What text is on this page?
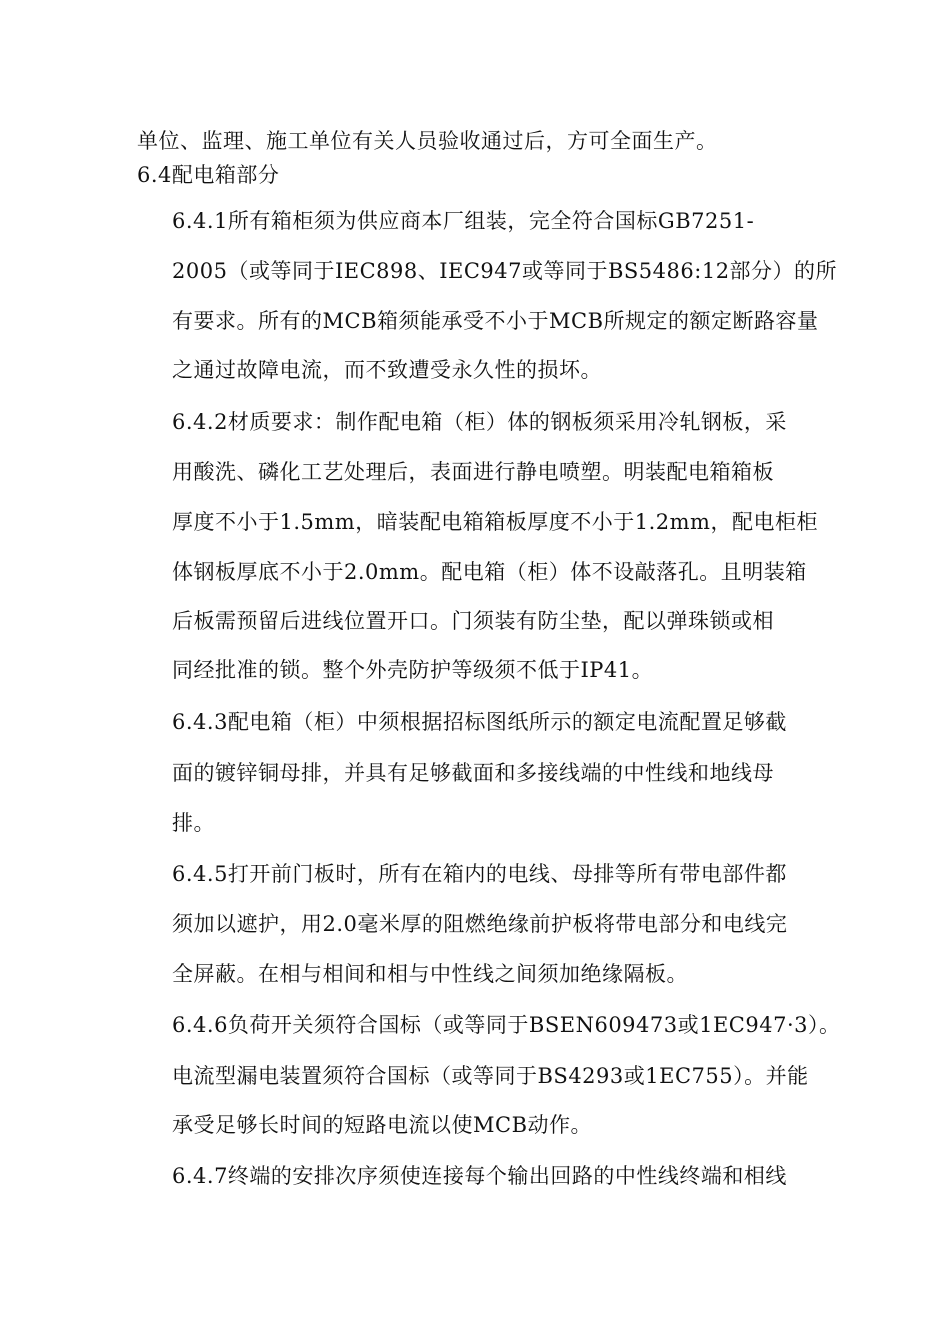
单位、监理、施工单位有关人员验收通过后，方可全面生产。
6.4配电箱部分
6.4.1所有箱柜须为供应商本厂组装，完全符合国标GB7251-
2005（或等同于IEC898、IEC947或等同于BS5486:12部分）的所
有要求。所有的MCB箱须能承受不小于MCB所规定的额定断路容量
之通过故障电流，而不致遭受永久性的损坏。
6.4.2材质要求：制作配电箱（柜）体的钢板须采用冷轧钢板，采
用酸洗、磷化工艺处理后，表面进行静电喷塑。明装配电箱箱板
厚度不小于1.5mm，暗装配电箱箱板厚度不小于1.2mm，配电柜柜
体钢板厚底不小于2.0mm。配电箱（柜）体不设敲落孔。且明装箱
后板需预留后进线位置开口。门须装有防尘垫，配以弹珠锁或相
同经批准的锁。整个外壳防护等级须不低于IP41。
6.4.3配电箱（柜）中须根据招标图纸所示的额定电流配置足够截
面的镀锌铜母排，并具有足够截面和多接线端的中性线和地线母
排。
6.4.5打开前门板时，所有在箱内的电线、母排等所有带电部件都
须加以遮护，用2.0毫米厚的阻燃绝缘前护板将带电部分和电线完
全屏蔽。在相与相间和相与中性线之间须加绝缘隔板。
6.4.6负荷开关须符合国标（或等同于BSEN609473或1EC947·3）。
电流型漏电装置须符合国标（或等同于BS4293或1EC755）。并能
承受足够长时间的短路电流以使MCB动作。
6.4.7终端的安排次序须使连接每个输出回路的中性线终端和相线
